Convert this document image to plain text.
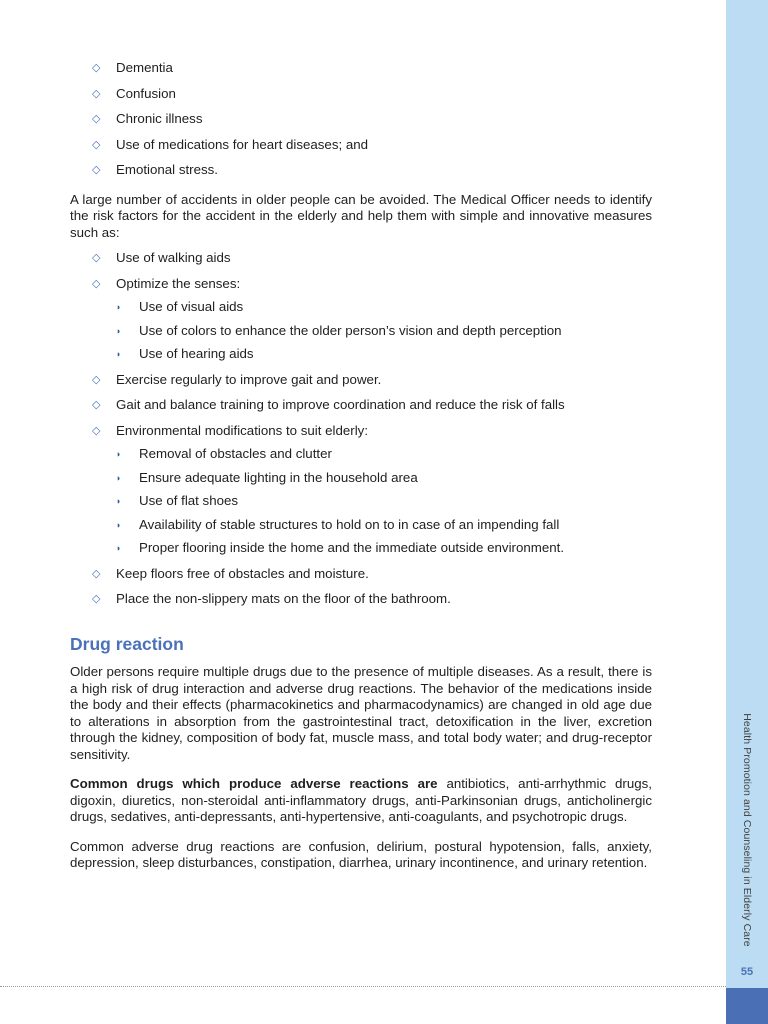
Health Promotion and Counseling in Elderly Care
55
◇ Dementia
◇ Confusion
◇ Chronic illness
◇ Use of medications for heart diseases; and
◇ Emotional stress.

A large number of accidents in older people can be avoided. The Medical Officer needs to identify the risk factors for the accident in the elderly and help them with simple and innovative measures such as:

◇ Use of walking aids
◇ Optimize the senses:
◗ Use of visual aids
◗ Use of colors to enhance the older person’s vision and depth perception
◗ Use of hearing aids
◇ Exercise regularly to improve gait and power.
◇ Gait and balance training to improve coordination and reduce the risk of falls
◇ Environmental modifications to suit elderly:
◗ Removal of obstacles and clutter
◗ Ensure adequate lighting in the household area
◗ Use of flat shoes
◗ Availability of stable structures to hold on to in case of an impending fall
◗ Proper flooring inside the home and the immediate outside environment.
◇ Keep floors free of obstacles and moisture.
◇ Place the non-slippery mats on the floor of the bathroom.
Drug reaction

Older persons require multiple drugs due to the presence of multiple diseases. As a result, there is a high risk of drug interaction and adverse drug reactions. The behavior of the medications inside the body and their effects (pharmacokinetics and pharmacodynamics) are changed in old age due to alterations in absorption from the gastrointestinal tract, detoxification in the liver, excretion through the kidney, composition of body fat, muscle mass, and total body water; and drug-receptor sensitivity.

Common drugs which produce adverse reactions are antibiotics, anti-arrhythmic drugs, digoxin, diuretics, non-steroidal anti-inflammatory drugs, anti-Parkinsonian drugs, anticholinergic drugs, sedatives, anti-depressants, anti-hypertensive, anti-coagulants, and psychotropic drugs.

Common adverse drug reactions are confusion, delirium, postural hypotension, falls, anxiety, depression, sleep disturbances, constipation, diarrhea, urinary incontinence, and urinary retention.
